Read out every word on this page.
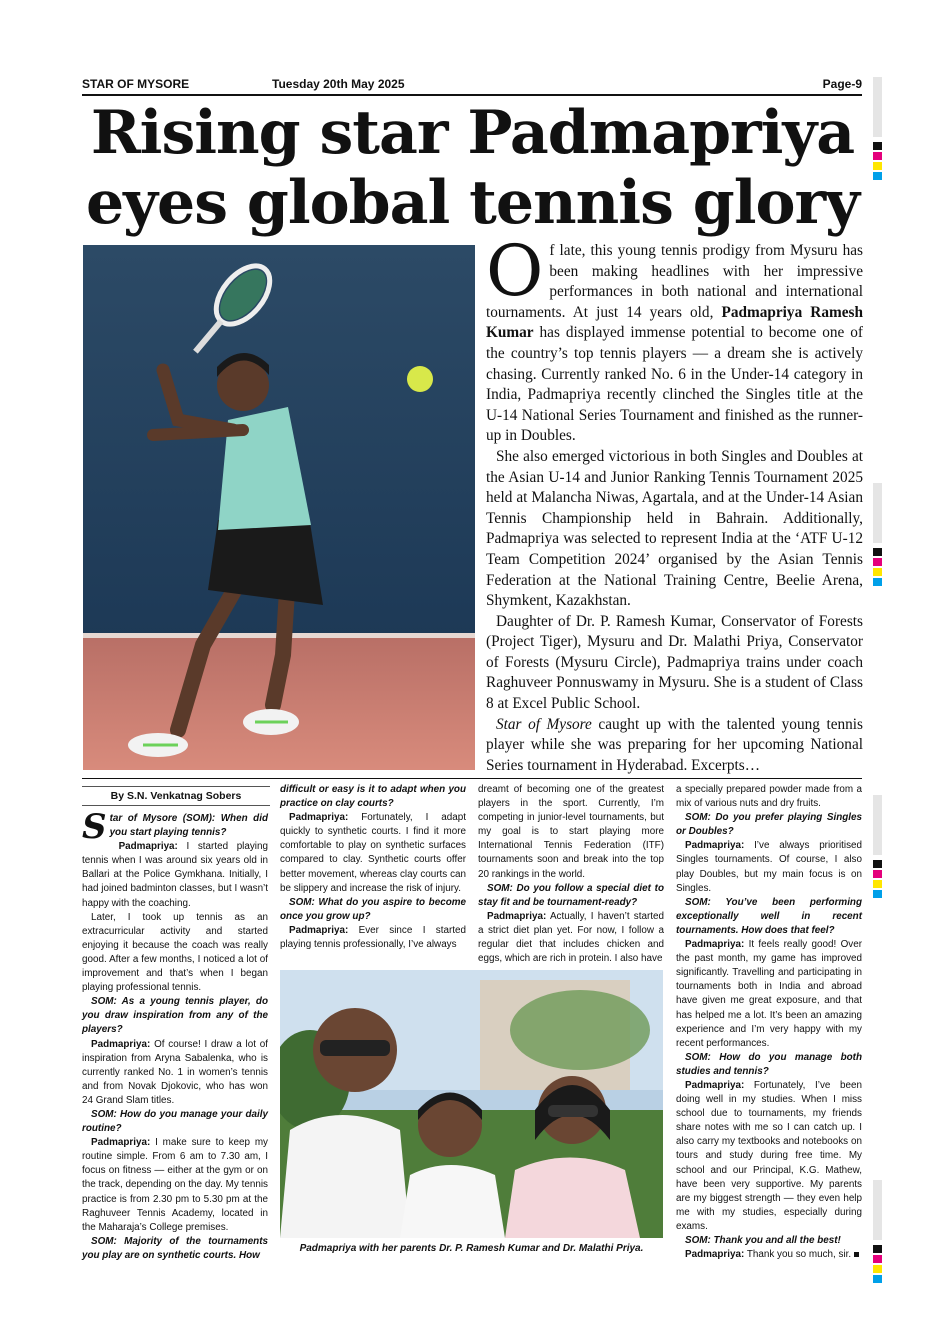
STAR OF MYSORE	Tuesday 20th May 2025	Page-9
Rising star Padmapriya
eyes global tennis glory

Of late, this young tennis prodigy from Mysuru has been making headlines with her impressive performances in both national and international tournaments. At just 14 years old, Padmapriya Ramesh Kumar has displayed immense potential to become one of the country’s top tennis players — a dream she is actively chasing. Currently ranked No. 6 in the Under-14 category in India, Padmapriya recently clinched the Singles title at the U-14 National Series Tournament and finished as the runner-up in Doubles.

She also emerged victorious in both Singles and Doubles at the Asian U-14 and Junior Ranking Tennis Tournament 2025 held at Malancha Niwas, Agartala, and at the Under-14 Asian Tennis Championship held in Bahrain. Additionally, Padmapriya was selected to represent India at the ‘ATF U-12 Team Competition 2024’ organised by the Asian Tennis Federation at the National Training Centre, Beelie Arena, Shymkent, Kazakhstan.

Daughter of Dr. P. Ramesh Kumar, Conservator of Forests (Project Tiger), Mysuru and Dr. Malathi Priya, Conservator of Forests (Mysuru Circle), Padmapriya trains under coach Raghuveer Ponnuswamy in Mysuru. She is a student of Class 8 at Excel Public School.

Star of Mysore caught up with the talented young tennis player while she was preparing for her upcoming National Series tournament in Hyderabad. Excerpts…

By S.N. Venkatnag Sobers

Star of Mysore (SOM): When did you start playing tennis?

Padmapriya: I started playing tennis when I was around six years old in Ballari at the Police Gymkhana. Initially, I had joined badminton classes, but I wasn’t happy with the coaching.

Later, I took up tennis as an extracurricular activity and started enjoying it because the coach was really good. After a few months, I noticed a lot of improvement and that’s when I began playing professional tennis.

SOM: As a young tennis player, do you draw inspiration from any of the players?

Padmapriya: Of course! I draw a lot of inspiration from Aryna Sabalenka, who is currently ranked No. 1 in women’s tennis and from Novak Djokovic, who has won 24 Grand Slam titles.

SOM: How do you manage your daily routine?

Padmapriya: I make sure to keep my routine simple. From 6 am to 7.30 am, I focus on fitness — either at the gym or on the track, depending on the day. My tennis practice is from 2.30 pm to 5.30 pm at the Raghuveer Tennis Academy, located in the Maharaja’s College premises.

SOM: Majority of the tournaments you play are on synthetic courts. How

difficult or easy is it to adapt when you practice on clay courts?

Padmapriya: Fortunately, I adapt quickly to synthetic courts. I find it more comfortable to play on synthetic surfaces compared to clay. Synthetic courts offer better movement, whereas clay courts can be slippery and increase the risk of injury.

SOM: What do you aspire to become once you grow up?

Padmapriya: Ever since I started playing tennis professionally, I’ve always

dreamt of becoming one of the greatest players in the sport. Currently, I’m competing in junior-level tournaments, but my goal is to start playing more International Tennis Federation (ITF) tournaments soon and break into the top 20 rankings in the world.

SOM: Do you follow a special diet to stay fit and be tournament-ready?

Padmapriya: Actually, I haven’t started a strict diet plan yet. For now, I follow a regular diet that includes chicken and eggs, which are rich in protein. I also have

Padmapriya with her parents Dr. P. Ramesh Kumar and Dr. Malathi Priya.

a specially prepared powder made from a mix of various nuts and dry fruits.

SOM: Do you prefer playing Singles or Doubles?

Padmapriya: I’ve always prioritised Singles tournaments. Of course, I also play Doubles, but my main focus is on Singles.

SOM: You’ve been performing exceptionally well in recent tournaments. How does that feel?

Padmapriya: It feels really good! Over the past month, my game has improved significantly. Travelling and participating in tournaments both in India and abroad have given me great exposure, and that has helped me a lot. It’s been an amazing experience and I’m very happy with my recent performances.

SOM: How do you manage both studies and tennis?

Padmapriya: Fortunately, I’ve been doing well in my studies. When I miss school due to tournaments, my friends share notes with me so I can catch up. I also carry my textbooks and notebooks on tours and study during free time. My school and our Principal, K.G. Mathew, have been very supportive. My parents are my biggest strength — they even help me with my studies, especially during exams.

SOM: Thank you and all the best!

Padmapriya: Thank you so much, sir.
